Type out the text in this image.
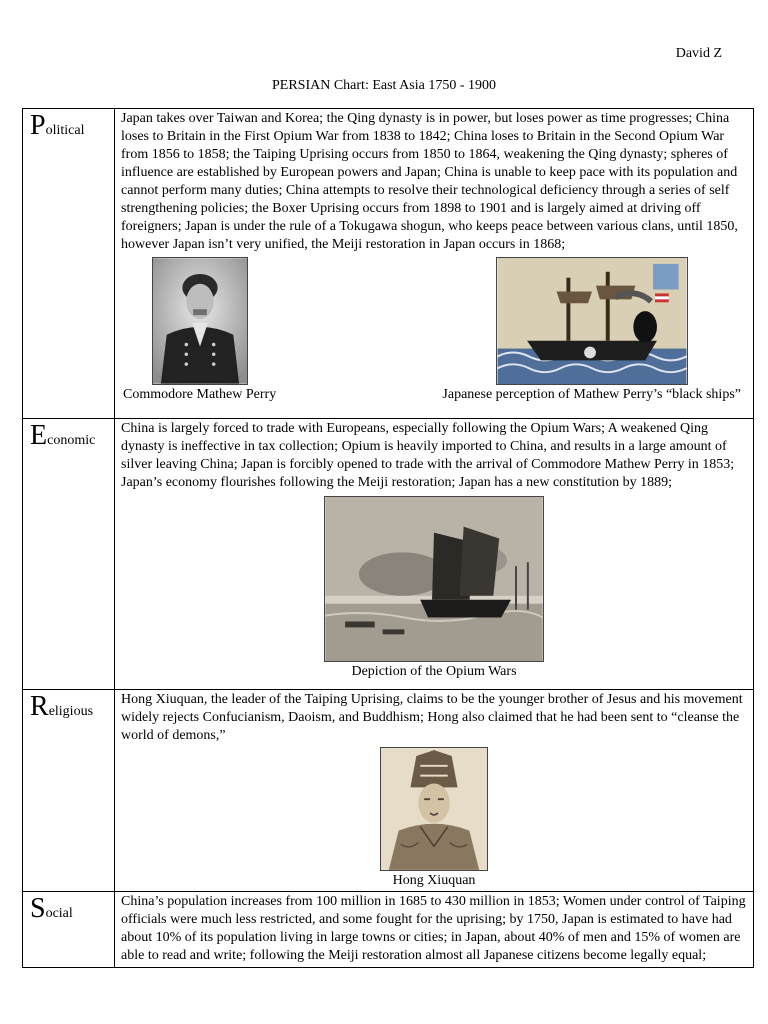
David Z
PERSIAN Chart: East Asia 1750 - 1900
Political	Japan takes over Taiwan and Korea; the Qing dynasty is in power, but loses power as time progresses; China loses to Britain in the First Opium War from 1838 to 1842; China loses to Britain in the Second Opium War from 1856 to 1858; the Taiping Uprising occurs from 1850 to 1864, weakening the Qing dynasty; spheres of influence are established by European powers and Japan; China is unable to keep pace with its population and cannot perform many duties; China attempts to resolve their technological deficiency through a series of self strengthening policies; the Boxer Uprising occurs from 1898 to 1901 and is largely aimed at driving off foreigners; Japan is under the rule of a Tokugawa shogun, who keeps peace between various clans, until 1850, however Japan isn’t very unified, the Meiji restoration in Japan occurs in 1868;

Commodore Mathew Perry Japanese perception of Mathew Perry’s “black ships”

Economic	China is largely forced to trade with Europeans, especially following the Opium Wars; A weakened Qing dynasty is ineffective in tax collection; Opium is heavily imported to China, and results in a large amount of silver leaving China; Japan is forcibly opened to trade with the arrival of Commodore Mathew Perry in 1853; Japan’s economy flourishes following the Meiji restoration; Japan has a new constitution by 1889;

Depiction of the Opium Wars

Religious	Hong Xiuquan, the leader of the Taiping Uprising, claims to be the younger brother of Jesus and his movement widely rejects Confucianism, Daoism, and Buddhism; Hong also claimed that he had been sent to “cleanse the world of demons,”

Hong Xiuquan

Social	China’s population increases from 100 million in 1685 to 430 million in 1853; Women under control of Taiping officials were much less restricted, and some fought for the uprising; by 1750, Japan is estimated to have had about 10% of its population living in large towns or cities; in Japan, about 40% of men and 15% of women are able to read and write; following the Meiji restoration almost all Japanese citizens become legally equal;
